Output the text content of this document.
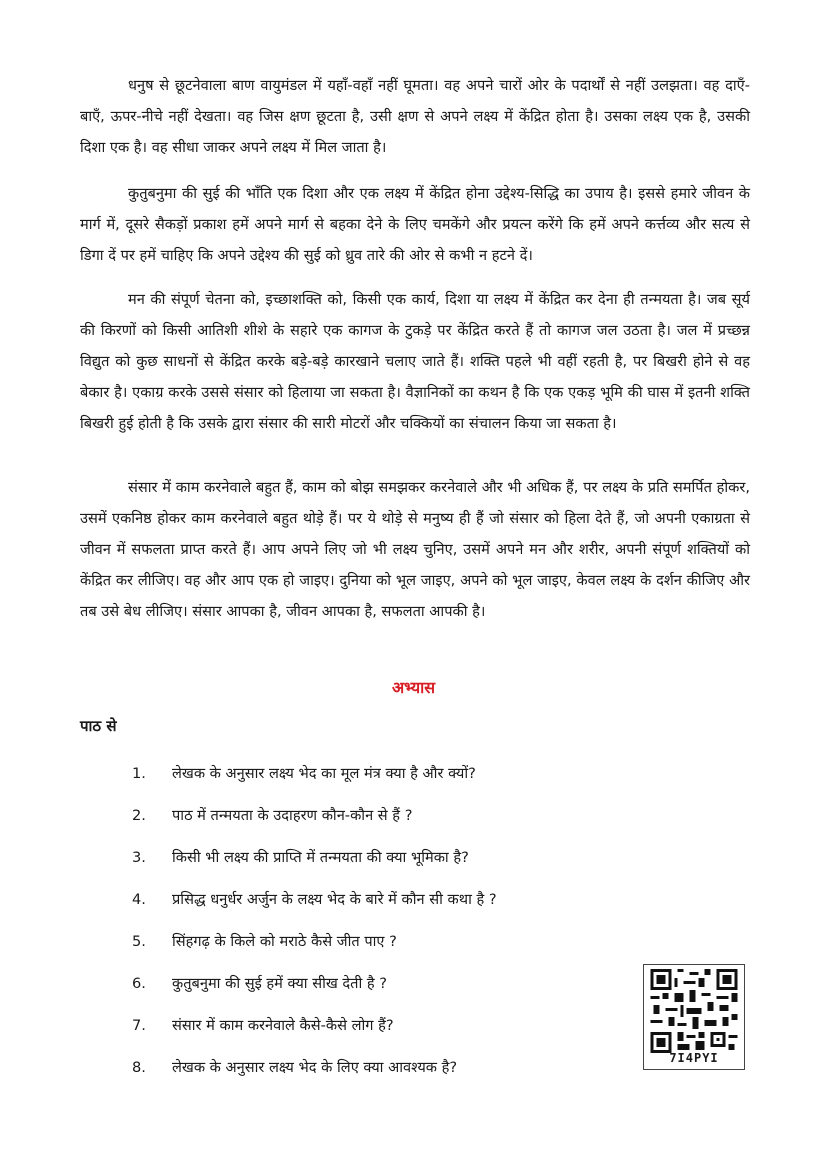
धनुष से छूटनेवाला बाण वायुमंडल में यहाँ-वहाँ नहीं घूमता। वह अपने चारों ओर के पदार्थों से नहीं उलझता। वह दाएँ-बाएँ, ऊपर-नीचे नहीं देखता। वह जिस क्षण छूटता है, उसी क्षण से अपने लक्ष्य में केंद्रित होता है। उसका लक्ष्य एक है, उसकी दिशा एक है। वह सीधा जाकर अपने लक्ष्य में मिल जाता है।

कुतुबनुमा की सुई की भाँति एक दिशा और एक लक्ष्य में केंद्रित होना उद्देश्य-सिद्धि का उपाय है। इससे हमारे जीवन के मार्ग में, दूसरे सैकड़ों प्रकाश हमें अपने मार्ग से बहका देने के लिए चमकेंगे और प्रयत्न करेंगे कि हमें अपने कर्त्तव्य और सत्य से डिगा दें पर हमें चाहिए कि अपने उद्देश्य की सुई को ध्रुव तारे की ओर से कभी न हटने दें।

मन की संपूर्ण चेतना को, इच्छाशक्ति को, किसी एक कार्य, दिशा या लक्ष्य में केंद्रित कर देना ही तन्मयता है। जब सूर्य की किरणों को किसी आतिशी शीशे के सहारे एक कागज के टुकड़े पर केंद्रित करते हैं तो कागज जल उठता है। जल में प्रच्छन्न विद्युत को कुछ साधनों से केंद्रित करके बड़े-बड़े कारखाने चलाए जाते हैं। शक्ति पहले भी वहीं रहती है, पर बिखरी होने से वह बेकार है। एकाग्र करके उससे संसार को हिलाया जा सकता है। वैज्ञानिकों का कथन है कि एक एकड़ भूमि की घास में इतनी शक्ति बिखरी हुई होती है कि उसके द्वारा संसार की सारी मोटरों और चक्कियों का संचालन किया जा सकता है।

संसार में काम करनेवाले बहुत हैं, काम को बोझ समझकर करनेवाले और भी अधिक हैं, पर लक्ष्य के प्रति समर्पित होकर, उसमें एकनिष्ठ होकर काम करनेवाले बहुत थोड़े हैं। पर ये थोड़े से मनुष्य ही हैं जो संसार को हिला देते हैं, जो अपनी एकाग्रता से जीवन में सफलता प्राप्त करते हैं। आप अपने लिए जो भी लक्ष्य चुनिए, उसमें अपने मन और शरीर, अपनी संपूर्ण शक्तियों को केंद्रित कर लीजिए। वह और आप एक हो जाइए। दुनिया को भूल जाइए, अपने को भूल जाइए, केवल लक्ष्य के दर्शन कीजिए और तब उसे बेध लीजिए। संसार आपका है, जीवन आपका है, सफलता आपकी है।

अभ्यास
पाठ से
1.	लेखक के अनुसार लक्ष्य भेद का मूल मंत्र क्या है और क्यों?
2.	पाठ में तन्मयता के उदाहरण कौन-कौन से हैं ?
3.	किसी भी लक्ष्य की प्राप्ति में तन्मयता की क्या भूमिका है?
4.	प्रसिद्ध धनुर्धर अर्जुन के लक्ष्य भेद के बारे में कौन सी कथा है ?
5.	सिंहगढ़ के किले को मराठे कैसे जीत पाए ?
6.	कुतुबनुमा की सुई हमें क्या सीख देती है ?
7.	संसार में काम करनेवाले कैसे-कैसे लोग हैं?
8.	लेखक के अनुसार लक्ष्य भेद के लिए क्या आवश्यक है?
7I4PYI
